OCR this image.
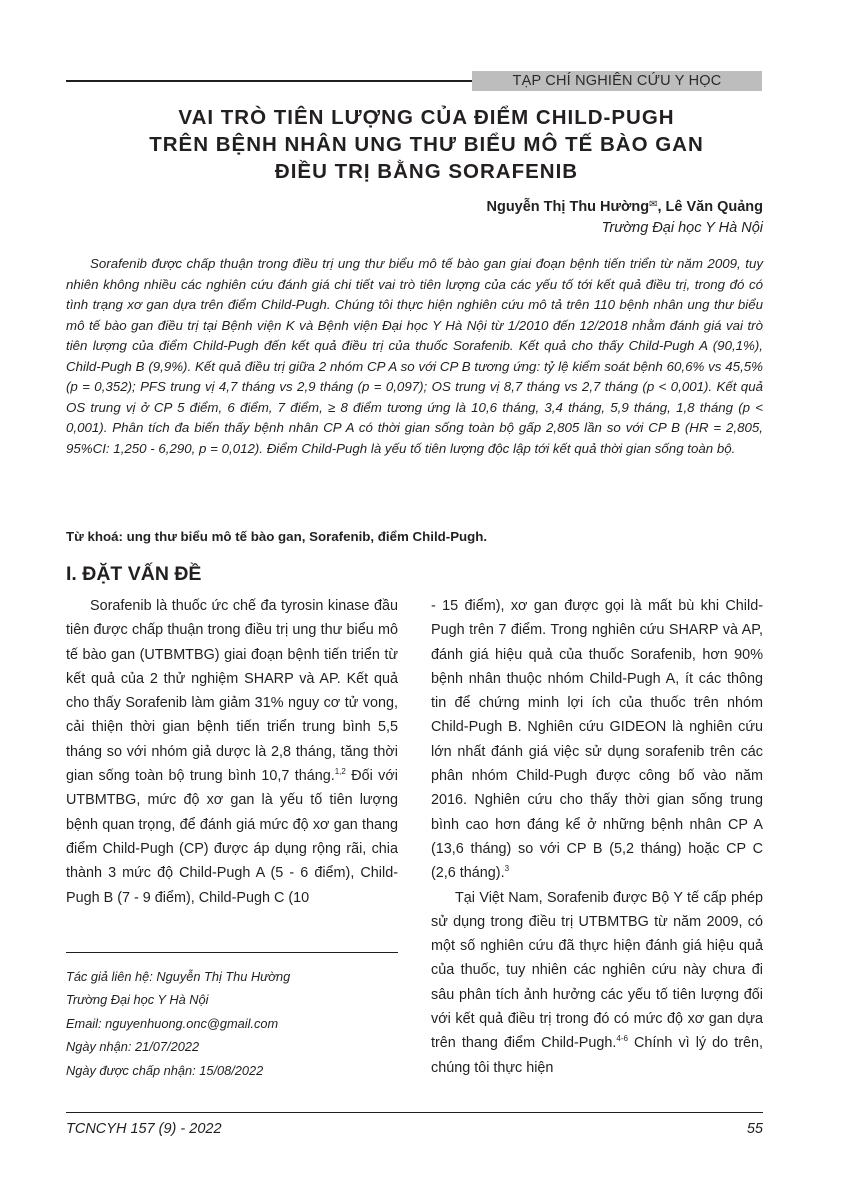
TẠP CHÍ NGHIÊN CỨU Y HỌC
VAI TRÒ TIÊN LƯỢNG CỦA ĐIỂM CHILD-PUGH
TRÊN BỆNH NHÂN UNG THƯ BIỂU MÔ TẾ BÀO GAN
ĐIỀU TRỊ BẰNG SORAFENIB
Nguyễn Thị Thu Hường✉, Lê Văn Quảng
Trường Đại học Y Hà Nội

Sorafenib được chấp thuận trong điều trị ung thư biểu mô tế bào gan giai đoạn bệnh tiến triển từ năm 2009, tuy nhiên không nhiều các nghiên cứu đánh giá chi tiết vai trò tiên lượng của các yếu tố tới kết quả điều trị, trong đó có tình trạng xơ gan dựa trên điểm Child-Pugh. Chúng tôi thực hiện nghiên cứu mô tả trên 110 bệnh nhân ung thư biểu mô tế bào gan điều trị tại Bệnh viện K và Bệnh viện Đại học Y Hà Nội từ 1/2010 đến 12/2018 nhằm đánh giá vai trò tiên lượng của điểm Child-Pugh đến kết quả điều trị của thuốc Sorafenib. Kết quả cho thấy Child-Pugh A (90,1%), Child-Pugh B (9,9%). Kết quả điều trị giữa 2 nhóm CP A so với CP B tương ứng: tỷ lệ kiểm soát bệnh 60,6% vs 45,5% (p = 0,352); PFS trung vị 4,7 tháng vs 2,9 tháng (p = 0,097); OS trung vị 8,7 tháng vs 2,7 tháng (p < 0,001). Kết quả OS trung vị ở CP 5 điểm, 6 điểm, 7 điểm, ≥ 8 điểm tương ứng là 10,6 tháng, 3,4 tháng, 5,9 tháng, 1,8 tháng (p < 0,001). Phân tích đa biến thấy bệnh nhân CP A có thời gian sống toàn bộ gấp 2,805 lần so với CP B (HR = 2,805, 95%CI: 1,250 - 6,290, p = 0,012). Điểm Child-Pugh là yếu tố tiên lượng độc lập tới kết quả thời gian sống toàn bộ.

Từ khoá: ung thư biểu mô tế bào gan, Sorafenib, điểm Child-Pugh.
I. ĐẶT VẤN ĐỀ

Sorafenib là thuốc ức chế đa tyrosin kinase đầu tiên được chấp thuận trong điều trị ung thư biểu mô tế bào gan (UTBMTBG) giai đoạn bệnh tiến triển từ kết quả của 2 thử nghiệm SHARP và AP. Kết quả cho thấy Sorafenib làm giảm 31% nguy cơ tử vong, cải thiện thời gian bệnh tiến triển trung bình 5,5 tháng so với nhóm giả dược là 2,8 tháng, tăng thời gian sống toàn bộ trung bình 10,7 tháng.$^{1,2}$ Đối với UTBMTBG, mức độ xơ gan là yếu tố tiên lượng bệnh quan trọng, để đánh giá mức độ xơ gan thang điểm Child-Pugh (CP) được áp dụng rộng rãi, chia thành 3 mức độ Child-Pugh A (5 - 6 điểm), Child-Pugh B (7 - 9 điểm), Child-Pugh C (10

- 15 điểm), xơ gan được gọi là mất bù khi Child-Pugh trên 7 điểm. Trong nghiên cứu SHARP và AP, đánh giá hiệu quả của thuốc Sorafenib, hơn 90% bệnh nhân thuộc nhóm Child-Pugh A, ít các thông tin để chứng minh lợi ích của thuốc trên nhóm Child-Pugh B. Nghiên cứu GIDEON là nghiên cứu lớn nhất đánh giá việc sử dụng sorafenib trên các phân nhóm Child-Pugh được công bố vào năm 2016. Nghiên cứu cho thấy thời gian sống trung bình cao hơn đáng kể ở những bệnh nhân CP A (13,6 tháng) so với CP B (5,2 tháng) hoặc CP C (2,6 tháng).$^3$

Tại Việt Nam, Sorafenib được Bộ Y tế cấp phép sử dụng trong điều trị UTBMTBG từ năm 2009, có một số nghiên cứu đã thực hiện đánh giá hiệu quả của thuốc, tuy nhiên các nghiên cứu này chưa đi sâu phân tích ảnh hưởng các yếu tố tiên lượng đối với kết quả điều trị trong đó có mức độ xơ gan dựa trên thang điểm Child-Pugh.$^{4-6}$ Chính vì lý do trên, chúng tôi thực hiện

Tác giả liên hệ: Nguyễn Thị Thu Hường
Trường Đại học Y Hà Nội
Email: nguyenhuong.onc@gmail.com
Ngày nhận: 21/07/2022
Ngày được chấp nhận: 15/08/2022
TCNCYH 157 (9) - 2022	55
